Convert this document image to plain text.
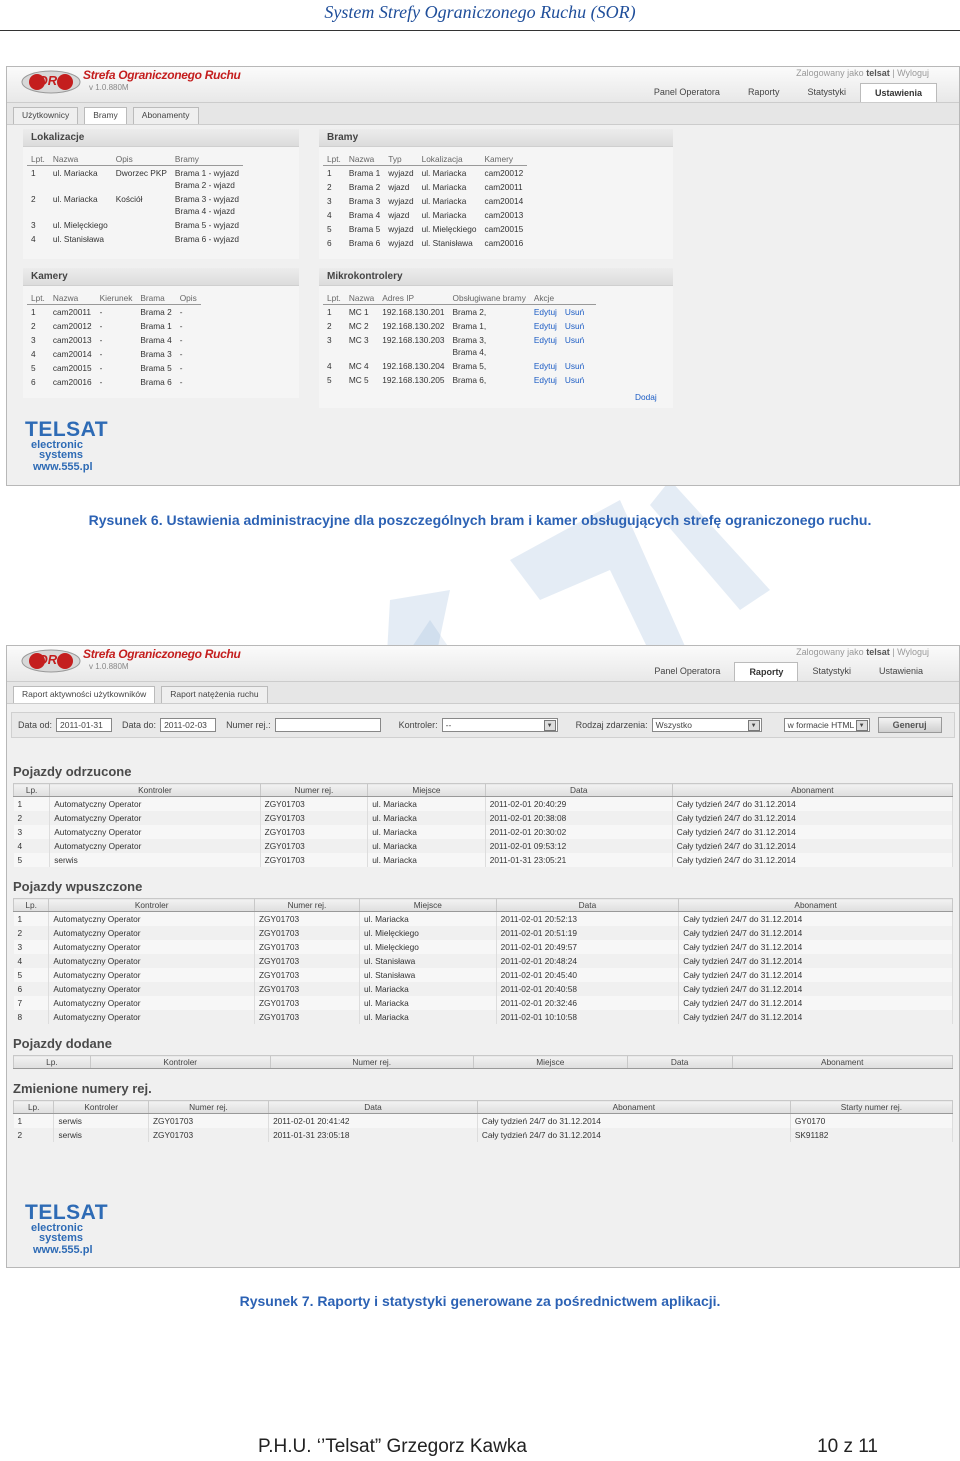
System Strefy Ograniczonego Ruchu (SOR)
SOR Strefa Ograniczonego Ruchu
v 1.0.880M
Zalogowany jako telsat | Wyloguj
Panel Operatora	Raporty	Statystyki	Ustawienia
Użytkownicy	Bramy	Abonamenty
Lokalizacje
Lpt.	Nazwa	Opis	Bramy
1	ul. Mariacka	Dworzec PKP	Brama 1 - wyjazd
Brama 2 - wjazd
2	ul. Mariacka	Kościół	Brama 3 - wyjazd
Brama 4 - wjazd
3	ul. Mielęckiego		Brama 5 - wyjazd
4	ul. Stanisława		Brama 6 - wyjazd
Bramy
Lpt.	Nazwa	Typ	Lokalizacja	Kamery
1	Brama 1	wyjazd	ul. Mariacka	cam20012
2	Brama 2	wjazd	ul. Mariacka	cam20011
3	Brama 3	wyjazd	ul. Mariacka	cam20014
4	Brama 4	wjazd	ul. Mariacka	cam20013
5	Brama 5	wyjazd	ul. Mielęckiego	cam20015
6	Brama 6	wyjazd	ul. Stanisława	cam20016
Kamery
Lpt.	Nazwa	Kierunek	Brama	Opis
1	cam20011	-	Brama 2	-
2	cam20012	-	Brama 1	-
3	cam20013	-	Brama 4	-
4	cam20014	-	Brama 3	-
5	cam20015	-	Brama 5	-
6	cam20016	-	Brama 6	-
Mikrokontrolery
Lpt.	Nazwa	Adres IP	Obsługiwane bramy	Akcje
1	MC 1	192.168.130.201	Brama 2,	Edytuj Usuń
2	MC 2	192.168.130.202	Brama 1,	Edytuj Usuń
3	MC 3	192.168.130.203	Brama 3,
Brama 4,	Edytuj Usuń
4	MC 4	192.168.130.204	Brama 5,	Edytuj Usuń
5	MC 5	192.168.130.205	Brama 6,	Edytuj Usuń
Dodaj
TELSAT
electronic
systems
www.555.pl
Rysunek 6. Ustawienia administracyjne dla poszczególnych bram i kamer obsługujących strefę ograniczonego ruchu.
SOR Strefa Ograniczonego Ruchu
v 1.0.880M
Zalogowany jako telsat | Wyloguj
Panel Operatora	Raporty	Statystyki	Ustawienia
Raport aktywności użytkowników	Raport natężenia ruchu
Data od: 2011-01-31	Data do: 2011-02-03	Numer rej.:	Kontroler: --	▼	Rodzaj zdarzenia: Wszystko	▼	w formacie HTML ▼	Generuj
Pojazdy odrzucone
Lp.	Kontroler	Numer rej.	Miejsce	Data	Abonament
1	Automatyczny Operator	ZGY01703	ul. Mariacka	2011-02-01 20:40:29	Cały tydzień 24/7 do 31.12.2014
2	Automatyczny Operator	ZGY01703	ul. Mariacka	2011-02-01 20:38:08	Cały tydzień 24/7 do 31.12.2014
3	Automatyczny Operator	ZGY01703	ul. Mariacka	2011-02-01 20:30:02	Cały tydzień 24/7 do 31.12.2014
4	Automatyczny Operator	ZGY01703	ul. Mariacka	2011-02-01 09:53:12	Cały tydzień 24/7 do 31.12.2014
5	serwis	ZGY01703	ul. Mariacka	2011-01-31 23:05:21	Cały tydzień 24/7 do 31.12.2014
Pojazdy wpuszczone
Lp.	Kontroler	Numer rej.	Miejsce	Data	Abonament
1	Automatyczny Operator	ZGY01703	ul. Mariacka	2011-02-01 20:52:13	Cały tydzień 24/7 do 31.12.2014
2	Automatyczny Operator	ZGY01703	ul. Mielęckiego	2011-02-01 20:51:19	Cały tydzień 24/7 do 31.12.2014
3	Automatyczny Operator	ZGY01703	ul. Mielęckiego	2011-02-01 20:49:57	Cały tydzień 24/7 do 31.12.2014
4	Automatyczny Operator	ZGY01703	ul. Stanisława	2011-02-01 20:48:24	Cały tydzień 24/7 do 31.12.2014
5	Automatyczny Operator	ZGY01703	ul. Stanisława	2011-02-01 20:45:40	Cały tydzień 24/7 do 31.12.2014
6	Automatyczny Operator	ZGY01703	ul. Mariacka	2011-02-01 20:40:58	Cały tydzień 24/7 do 31.12.2014
7	Automatyczny Operator	ZGY01703	ul. Mariacka	2011-02-01 20:32:46	Cały tydzień 24/7 do 31.12.2014
8	Automatyczny Operator	ZGY01703	ul. Mariacka	2011-02-01 10:10:58	Cały tydzień 24/7 do 31.12.2014
Pojazdy dodane
Lp.	Kontroler	Numer rej.	Miejsce	Data	Abonament
Zmienione numery rej.
Lp.	Kontroler	Numer rej.	Data	Abonament	Starty numer rej.
1	serwis	ZGY01703	2011-02-01 20:41:42	Cały tydzień 24/7 do 31.12.2014	GY0170
2	serwis	ZGY01703	2011-01-31 23:05:18	Cały tydzień 24/7 do 31.12.2014	SK91182
TELSAT
electronic
systems
www.555.pl
Rysunek 7. Raporty i statystyki generowane za pośrednictwem aplikacji.
P.H.U. ‘’Telsat” Grzegorz Kawka	10 z 11
